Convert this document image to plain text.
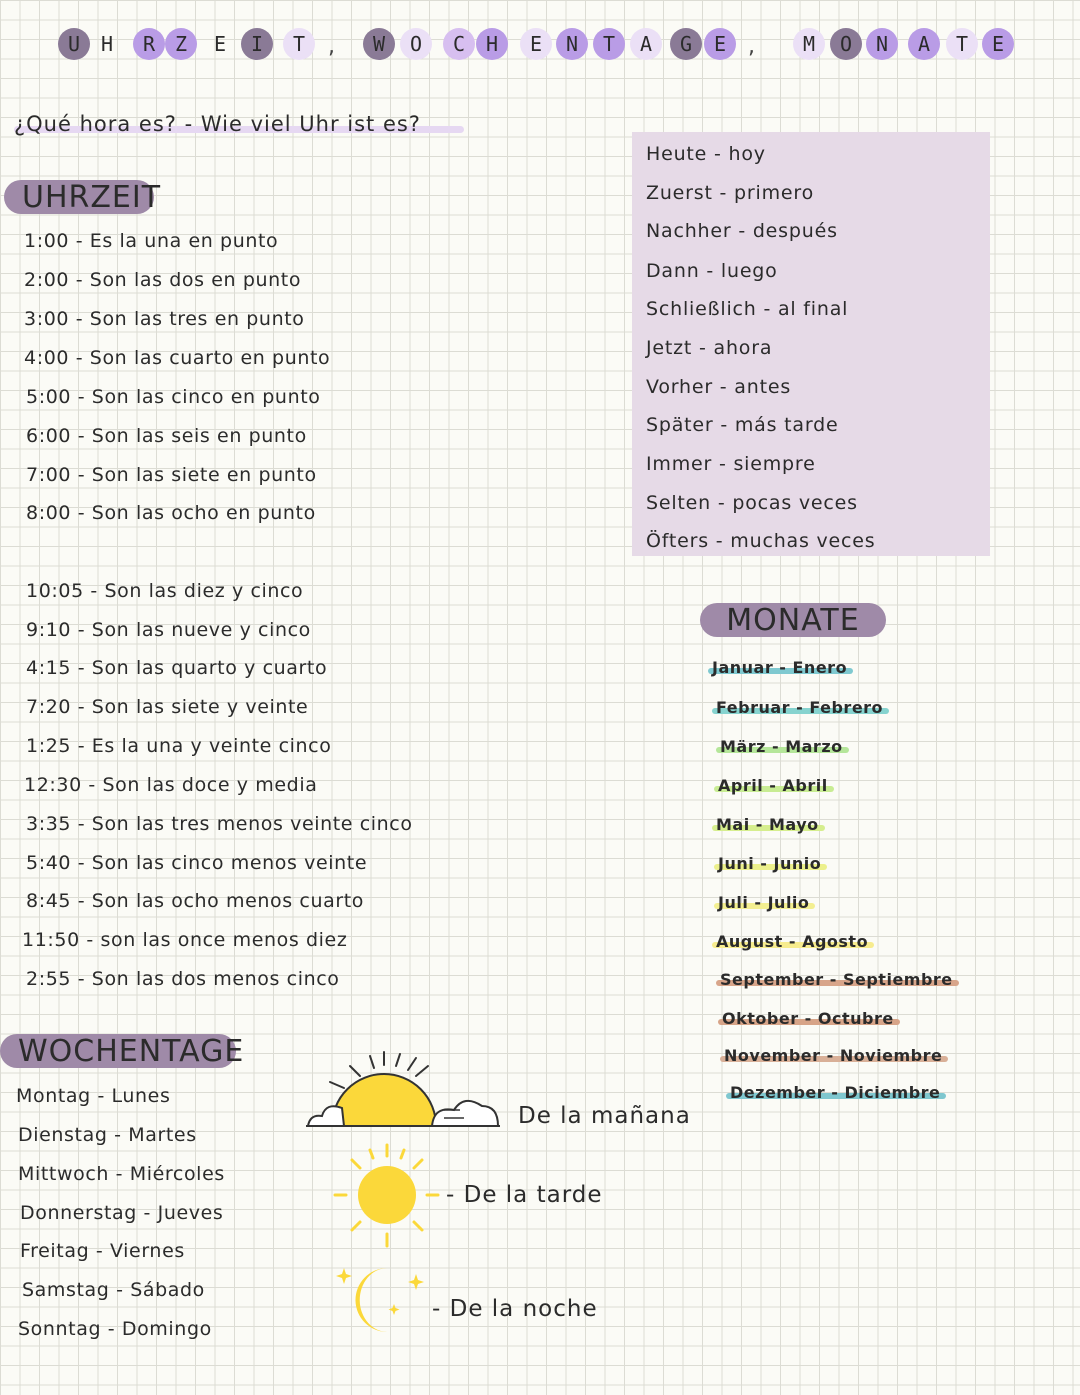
U	H	R Z	E	I	T	,	W	O	C	H	E	N	T	A	G	E ,	M	O	N	A	T	E
¿Qué hora es? - Wie viel Uhr ist es?
UHRZEIT
1:00 - Es la una en punto
2:00 - Son las dos en punto
3:00 - Son las tres en punto
4:00 - Son las cuarto en punto
5:00 - Son las cinco en punto
6:00 - Son las seis en punto
7:00 - Son las siete en punto
8:00 - Son las ocho en punto
10:05 - Son las diez y cinco
9:10 - Son las nueve y cinco
4:15 - Son las quarto y cuarto
7:20 - Son las siete y veinte
1:25 - Es la una y veinte cinco
12:30 - Son las doce y media
3:35 - Son las tres menos veinte cinco
5:40 - Son las cinco menos veinte
8:45 - Son las ocho menos cuarto
11:50 - son las once menos diez
2:55 - Son las dos menos cinco
Heute - hoy
Zuerst - primero
Nachher - después
Dann - luego
Schließlich - al final
Jetzt - ahora
Vorher - antes
Später - más tarde
Immer - siempre
Selten - pocas veces
Öfters - muchas veces
MONATE
Januar - Enero
Februar - Febrero
März - Marzo
April - Abril
Mai - Mayo
Juni - Junio
Juli - Julio
August - Agosto
September - Septiembre
Oktober - Octubre
November - Noviembre
Dezember - Diciembre
WOCHENTAGE
Montag - Lunes
Dienstag - Martes
Mittwoch - Miércoles
Donnerstag - Jueves
Freitag - Viernes
Samstag - Sábado
Sonntag - Domingo
De la mañana
- De la tarde
- De la noche
